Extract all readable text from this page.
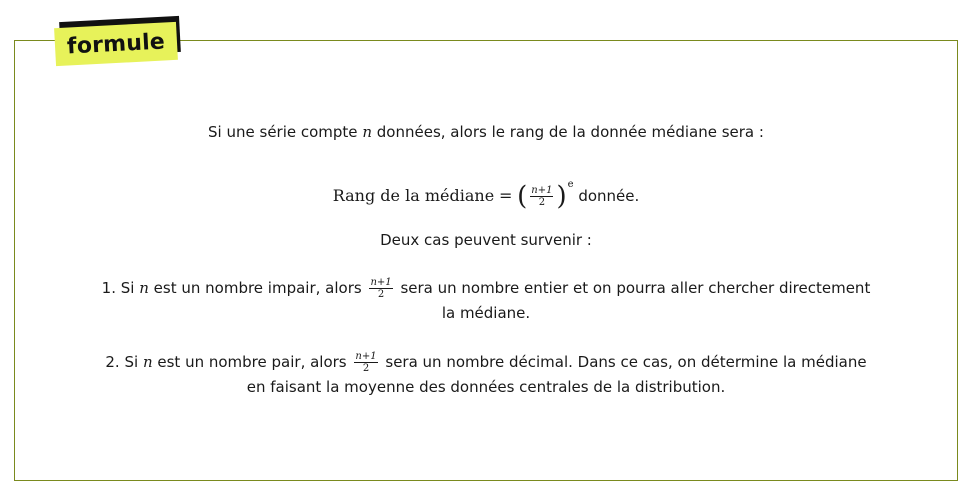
formule
Si une série compte n données, alors le rang de la donnée médiane sera :
Rang de la médiane = ( $\frac{n+1}{2} )^e$ donnée.
Deux cas peuvent survenir :
1. Si n est un nombre impair, alors $\frac{n+1}{2}$ sera un nombre entier et on pourra aller chercher directement
la médiane.
2. Si n est un nombre pair, alors $\frac{n+1}{2}$ sera un nombre décimal. Dans ce cas, on détermine la médiane
en faisant la moyenne des données centrales de la distribution.
